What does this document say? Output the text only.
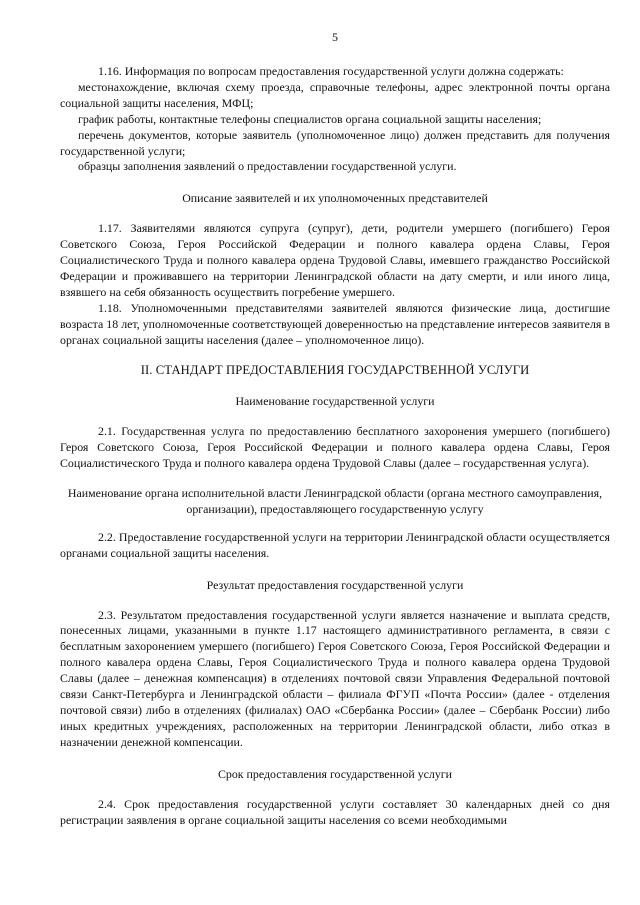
5

1.16. Информация по вопросам предоставления государственной услуги должна содержать:

местонахождение, включая схему проезда, справочные телефоны, адрес электронной почты органа социальной защиты населения, МФЦ;

график работы, контактные телефоны специалистов органа социальной защиты населения;

перечень документов, которые заявитель (уполномоченное лицо) должен представить для получения государственной услуги;

образцы заполнения заявлений о предоставлении государственной услуги.

Описание заявителей и их уполномоченных представителей

1.17. Заявителями являются супруга (супруг), дети, родители умершего (погибшего) Героя Советского Союза, Героя Российской Федерации и полного кавалера ордена Славы, Героя Социалистического Труда и полного кавалера ордена Трудовой Славы, имевшего гражданство Российской Федерации и проживавшего на территории Ленинградской области на дату смерти, и или иного лица, взявшего на себя обязанность осуществить погребение умершего.

1.18. Уполномоченными представителями заявителей являются физические лица, достигшие возраста 18 лет, уполномоченные соответствующей доверенностью на представление интересов заявителя в органах социальной защиты населения (далее – уполномоченное лицо).

II. СТАНДАРТ ПРЕДОСТАВЛЕНИЯ ГОСУДАРСТВЕННОЙ УСЛУГИ

Наименование государственной услуги

2.1. Государственная услуга по предоставлению бесплатного захоронения умершего (погибшего) Героя Советского Союза, Героя Российской Федерации и полного кавалера ордена Славы, Героя Социалистического Труда и полного кавалера ордена Трудовой Славы (далее – государственная услуга).

Наименование органа исполнительной власти Ленинградской области (органа местного самоуправления, организации), предоставляющего государственную услугу

2.2. Предоставление государственной услуги на территории Ленинградской области осуществляется органами социальной защиты населения.

Результат предоставления государственной услуги

2.3. Результатом предоставления государственной услуги является назначение и выплата средств, понесенных лицами, указанными в пункте 1.17 настоящего административного регламента, в связи с бесплатным захоронением умершего (погибшего) Героя Советского Союза, Героя Российской Федерации и полного кавалера ордена Славы, Героя Социалистического Труда и полного кавалера ордена Трудовой Славы (далее – денежная компенсация) в отделениях почтовой связи Управления Федеральной почтовой связи Санкт-Петербурга и Ленинградской области – филиала ФГУП «Почта России» (далее - отделения почтовой связи) либо в отделениях (филиалах) ОАО «Сбербанка России» (далее – Сбербанк России) либо иных кредитных учреждениях, расположенных на территории Ленинградской области, либо отказ в назначении денежной компенсации.

Срок предоставления государственной услуги

2.4. Срок предоставления государственной услуги составляет 30 календарных дней со дня регистрации заявления в органе социальной защиты населения со всеми необходимыми
